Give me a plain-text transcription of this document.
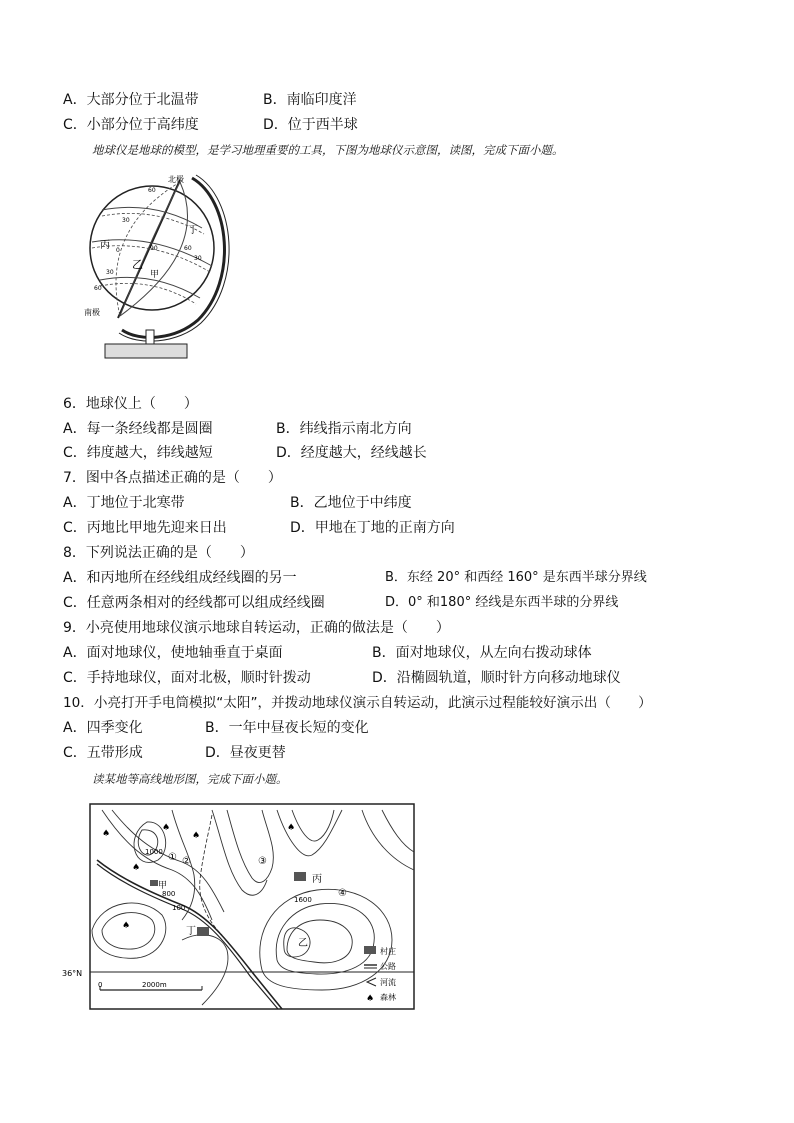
A．大部分位于北温带	B．南临印度洋
C．小部分位于高纬度	D．位于西半球
地球仪是地球的模型，是学习地理重要的工具，下图为地球仪示意图，读图，完成下面小题。
北极
南极
丙
乙
甲
丁
60
30
0
30
60
90	60
30
6．地球仪上（　　）
A．每一条经线都是圆圈	B．纬线指示南北方向
C．纬度越大，纬线越短	D．经度越大，经线越长
7．图中各点描述正确的是（　　）
A．丁地位于北寒带	B．乙地位于中纬度
C．丙地比甲地先迎来日出	D．甲地在丁地的正南方向
8．下列说法正确的是（　　）
A．和丙地所在经线组成经线圈的另一	B．东经 20° 和西经 160° 是东西半球分界线
C．任意两条相对的经线都可以组成经线圈	D．0° 和180° 经线是东西半球的分界线
9．小亮使用地球仪演示地球自转运动，正确的做法是（　　）
A．面对地球仪，使地轴垂直于桌面	B．面对地球仪，从左向右拨动球体
C．手持地球仪，面对北极，顺时针拨动	D．沿椭圆轨道，顺时针方向移动地球仪
10．小亮打开手电筒模拟“太阳”，并拨动地球仪演示自转运动，此演示过程能较好演示出（　　）
A．四季变化	B．一年中昼夜长短的变化
C．五带形成	D．昼夜更替
读某地等高线地形图，完成下面小题。
36°N
♠
♠
♠
♠
♠
♠
丙
丁
乙
甲
1000
1600
100
800
① ②	③
④
0	2000m
村庄
公路
河流
♠ 森林
